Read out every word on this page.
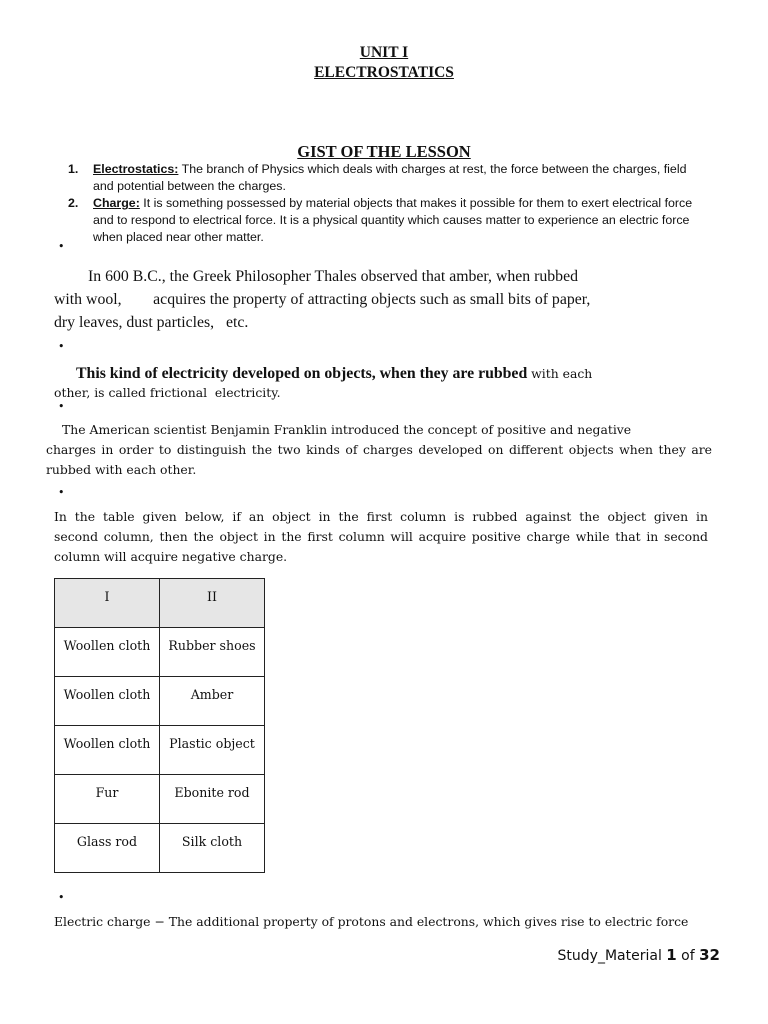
UNIT I
ELECTROSTATICS
GIST OF THE LESSON
1. Electrostatics: The branch of Physics which deals with charges at rest, the force between the charges, field and potential between the charges.
2. Charge: It is something possessed by material objects that makes it possible for them to exert electrical force and to respond to electrical force. It is a physical quantity which causes matter to experience an electric force when placed near other matter.
•
In 600 B.C., the Greek Philosopher Thales observed that amber, when rubbed
with wool,        acquires the property of attracting objects such as small bits of paper,
dry leaves, dust particles,   etc.
•
This kind of electricity developed on objects, when they are rubbed with each
other, is called frictional  electricity.
•
The American scientist Benjamin Franklin introduced the concept of positive and negative
charges in order to distinguish the two kinds of charges developed on different objects when they are
rubbed with each other.
•
In the table given below, if an object in the first column is rubbed against the object given in
second column, then the object in the first column will acquire positive charge while that in second
column will acquire negative charge.
I	II
Woollen cloth	Rubber shoes
Woollen cloth	Amber
Woollen cloth	Plastic object
Fur	Ebonite rod
Glass rod	Silk cloth
•
Electric charge − The additional property of protons and electrons, which gives rise to electric force
Study_Material 1 of 32
